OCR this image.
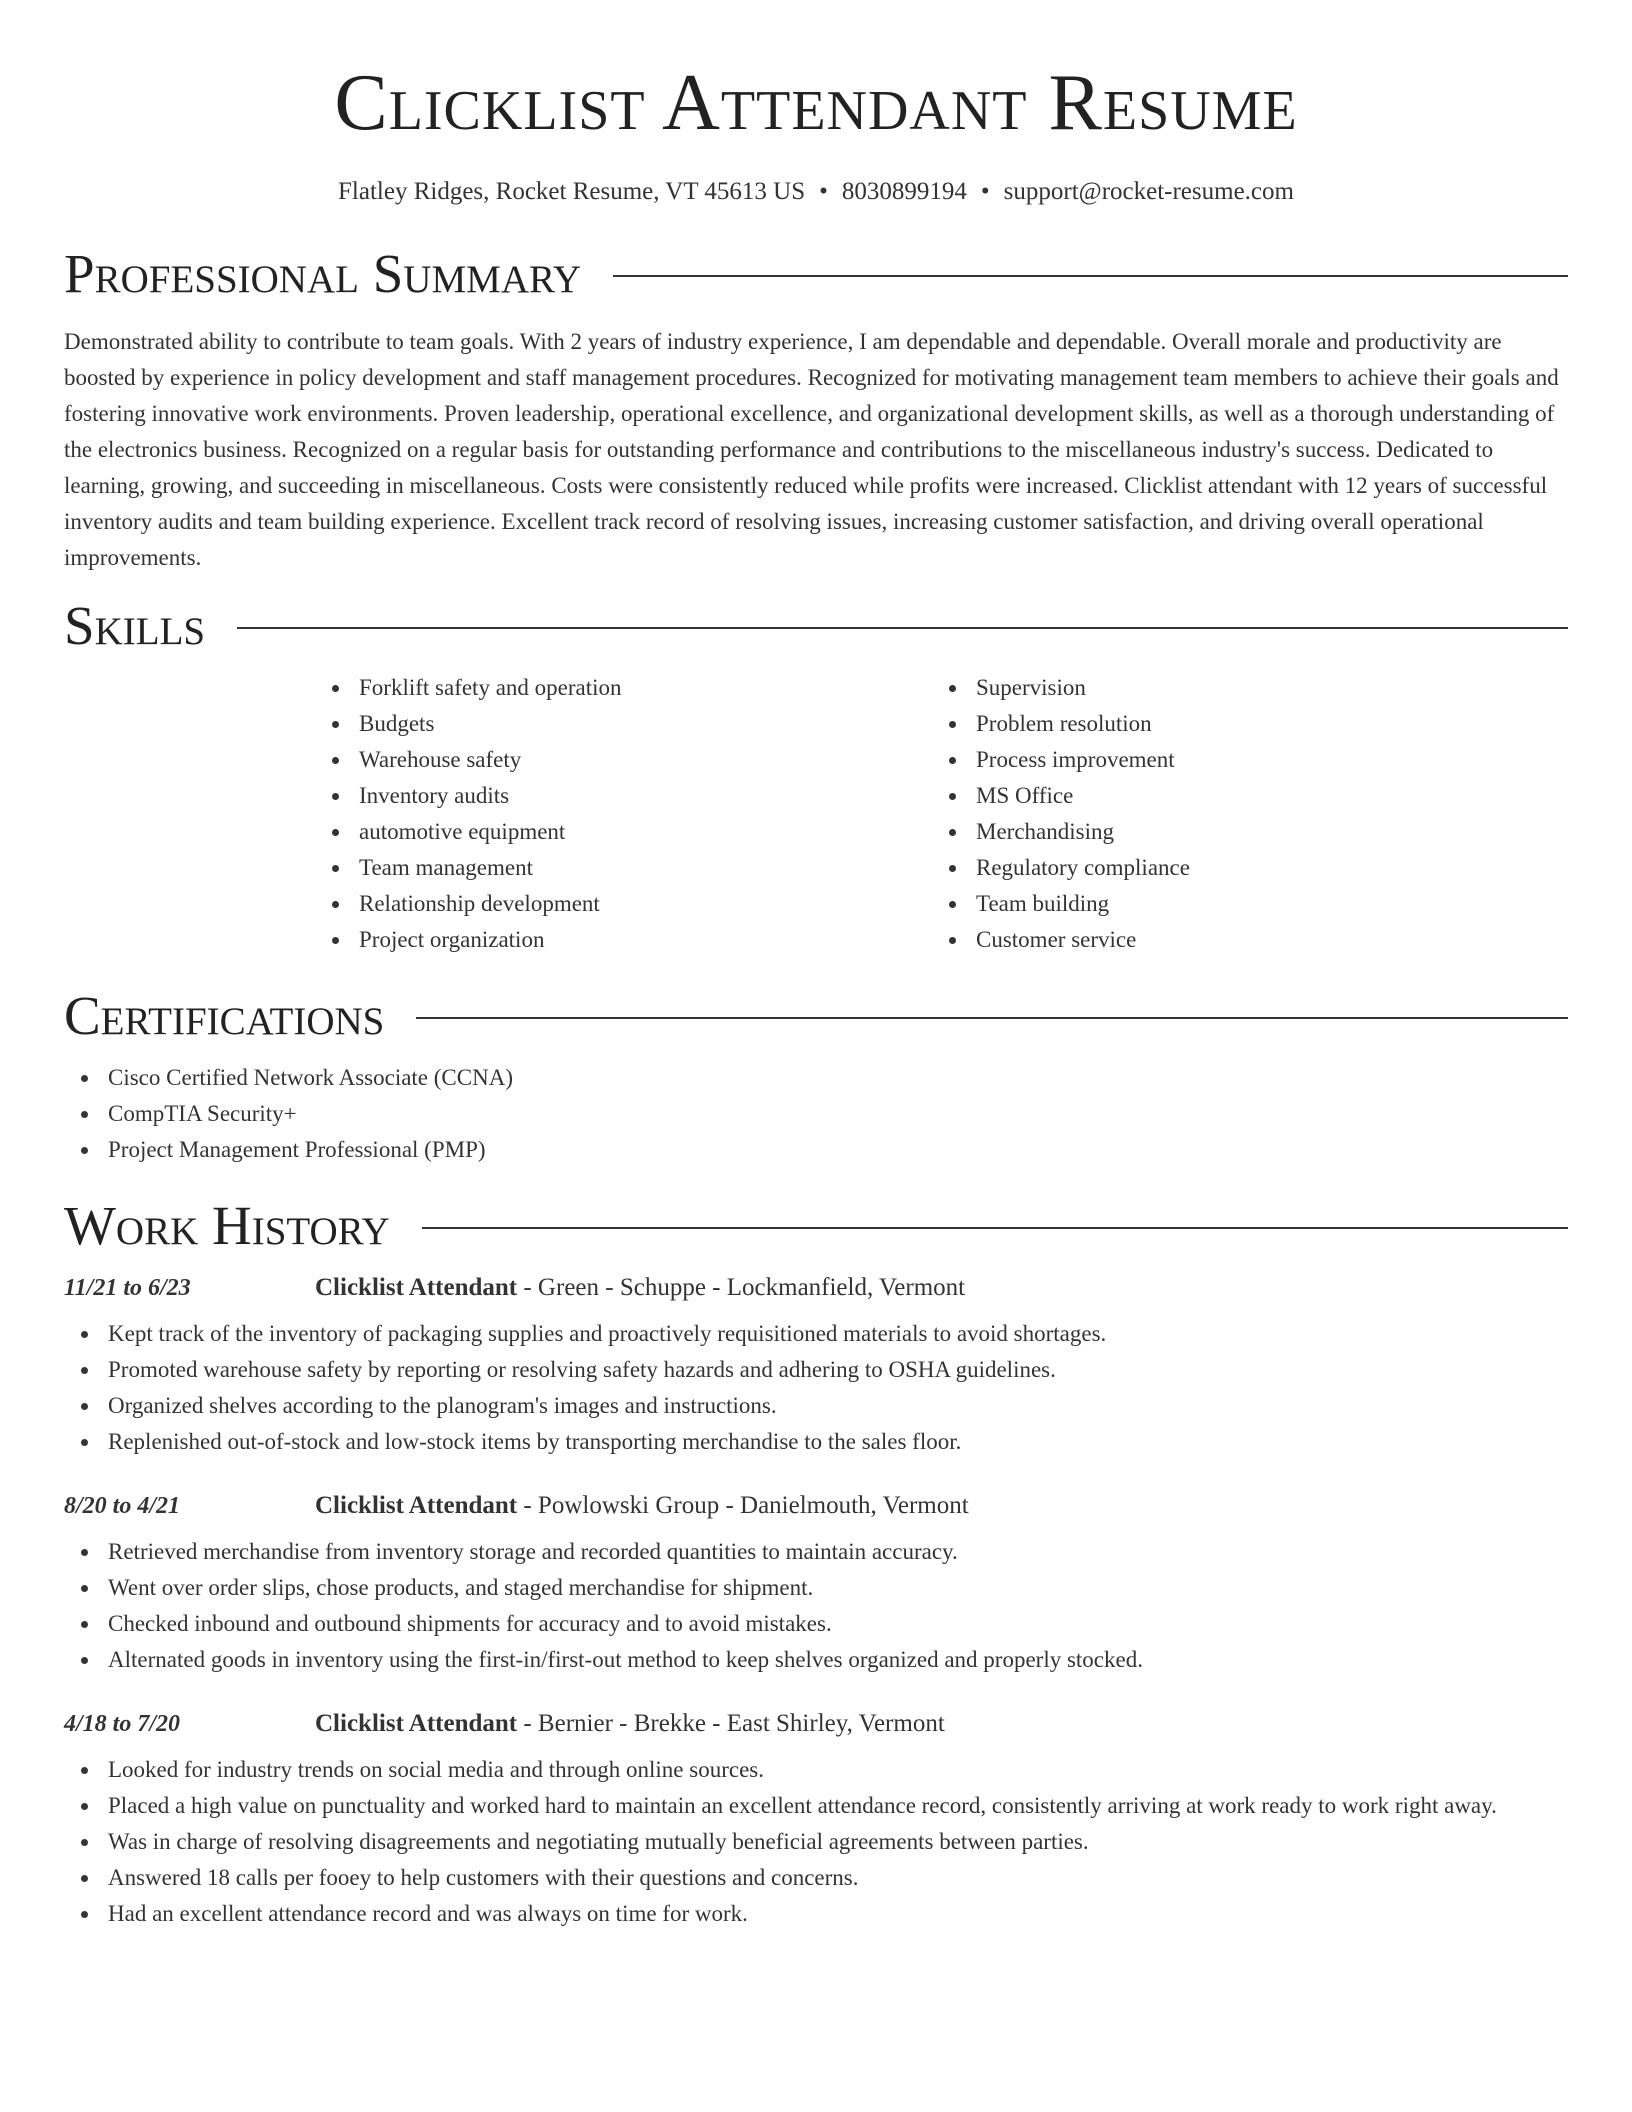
Clicklist Attendant Resume
Flatley Ridges, Rocket Resume, VT 45613 US • 8030899194 • support@rocket-resume.com
Professional Summary

Demonstrated ability to contribute to team goals. With 2 years of industry experience, I am dependable and dependable. Overall morale and productivity are boosted by experience in policy development and staff management procedures. Recognized for motivating management team members to achieve their goals and fostering innovative work environments. Proven leadership, operational excellence, and organizational development skills, as well as a thorough understanding of the electronics business. Recognized on a regular basis for outstanding performance and contributions to the miscellaneous industry's success. Dedicated to learning, growing, and succeeding in miscellaneous. Costs were consistently reduced while profits were increased. Clicklist attendant with 12 years of successful inventory audits and team building experience. Excellent track record of resolving issues, increasing customer satisfaction, and driving overall operational improvements.

Skills
Forklift safety and operation
Budgets
Warehouse safety
Inventory audits
automotive equipment
Team management
Relationship development
Project organization
Supervision
Problem resolution
Process improvement
MS Office
Merchandising
Regulatory compliance
Team building
Customer service
Certifications
Cisco Certified Network Associate (CCNA)
CompTIA Security+
Project Management Professional (PMP)
Work History
11/21 to 6/23	Clicklist Attendant - Green - Schuppe - Lockmanfield, Vermont
Kept track of the inventory of packaging supplies and proactively requisitioned materials to avoid shortages.
Promoted warehouse safety by reporting or resolving safety hazards and adhering to OSHA guidelines.
Organized shelves according to the planogram's images and instructions.
Replenished out-of-stock and low-stock items by transporting merchandise to the sales floor.
8/20 to 4/21	Clicklist Attendant - Powlowski Group - Danielmouth, Vermont
Retrieved merchandise from inventory storage and recorded quantities to maintain accuracy.
Went over order slips, chose products, and staged merchandise for shipment.
Checked inbound and outbound shipments for accuracy and to avoid mistakes.
Alternated goods in inventory using the first-in/first-out method to keep shelves organized and properly stocked.
4/18 to 7/20	Clicklist Attendant - Bernier - Brekke - East Shirley, Vermont
Looked for industry trends on social media and through online sources.
Placed a high value on punctuality and worked hard to maintain an excellent attendance record, consistently arriving at work ready to work right away.
Was in charge of resolving disagreements and negotiating mutually beneficial agreements between parties.
Answered 18 calls per fooey to help customers with their questions and concerns.
Had an excellent attendance record and was always on time for work.
